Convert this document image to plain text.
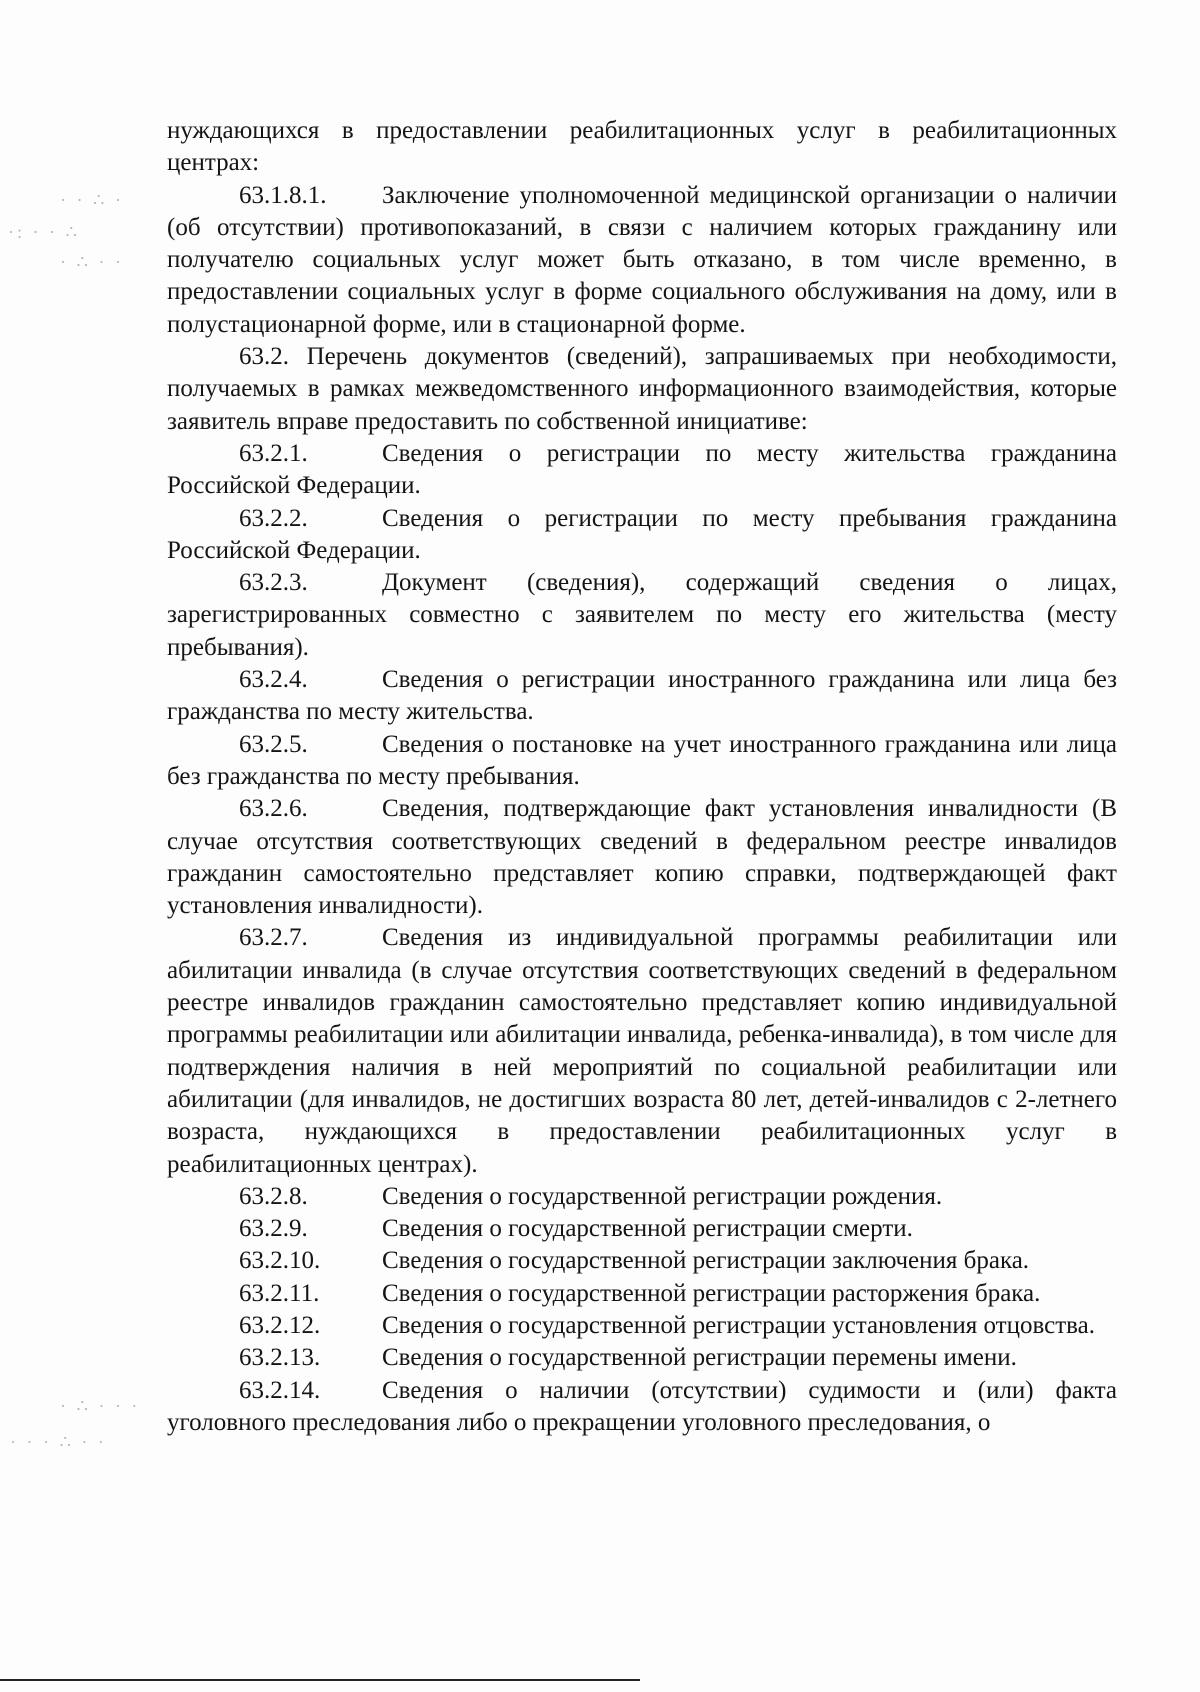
· · ∴ ·
·: · · ∴
· ∴ · ·
· ∴ · · ·
· · · ∴ · ·

нуждающихся в предоставлении реабилитационных услуг в реабилитационных центрах:

63.1.8.1. Заключение уполномоченной медицинской организации о наличии (об отсутствии) противопоказаний, в связи с наличием которых гражданину или получателю социальных услуг может быть отказано, в том числе временно, в предоставлении социальных услуг в форме социального обслуживания на дому, или в полустационарной форме, или в стационарной форме.

63.2. Перечень документов (сведений), запрашиваемых при необходимости, получаемых в рамках межведомственного информационного взаимодействия, которые заявитель вправе предоставить по собственной инициативе:

63.2.1.	Сведения о регистрации по месту жительства гражданина Российской Федерации.

63.2.2.	Сведения о регистрации по месту пребывания гражданина Российской Федерации.

63.2.3.	Документ (сведения), содержащий сведения о лицах, зарегистрированных совместно с заявителем по месту его жительства (месту пребывания).

63.2.4.	Сведения о регистрации иностранного гражданина или лица без гражданства по месту жительства.

63.2.5.	Сведения о постановке на учет иностранного гражданина или лица без гражданства по месту пребывания.

63.2.6.	Сведения, подтверждающие факт установления инвалидности (В случае отсутствия соответствующих сведений в федеральном реестре инвалидов гражданин самостоятельно представляет копию справки, подтверждающей факт установления инвалидности).

63.2.7.	Сведения из индивидуальной программы реабилитации или абилитации инвалида (в случае отсутствия соответствующих сведений в федеральном реестре инвалидов гражданин самостоятельно представляет копию индивидуальной программы реабилитации или абилитации инвалида, ребенка-инвалида), в том числе для подтверждения наличия в ней мероприятий по социальной реабилитации или абилитации (для инвалидов, не достигших возраста 80 лет, детей-инвалидов с 2-летнего возраста, нуждающихся в предоставлении реабилитационных услуг в реабилитационных центрах).

63.2.8.	Сведения о государственной регистрации рождения.

63.2.9.	Сведения о государственной регистрации смерти.

63.2.10. Сведения о государственной регистрации заключения брака.

63.2.11.	Сведения о государственной регистрации расторжения брака.

63.2.12. Сведения о государственной регистрации установления отцовства.

63.2.13. Сведения о государственной регистрации перемены имени.

63.2.14. Сведения о наличии (отсутствии) судимости и (или) факта уголовного преследования либо о прекращении уголовного преследования, о
